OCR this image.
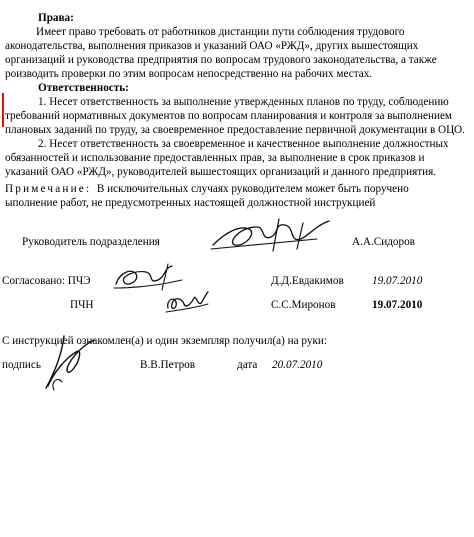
Права:
Имеет право требовать от работников дистанции пути соблюдения трудового
аконодательства, выполнения приказов и указаний ОАО «РЖД», других вышестоящих
организаций и руководства предприятия по вопросам трудового законодательства, а также
роизводить проверки по этим вопросам непосредственно на рабочих местах.
Ответственность:
1. Несет ответственность за выполнение утвержденных планов по труду, соблюдению
требований нормативных документов по вопросам планирования и контроля за выполнением
плановых заданий по труду, за своевременное предоставление первичной документации в ОЦО.
2. Несет ответственность за своевременное и качественное выполнение должностных
обязанностей и использование предоставленных прав, за выполнение в срок приказов и
указаний ОАО «РЖД», руководителей вышестоящих организаций и данного предприятия.
Примечание: В исключительных случаях руководителем может быть поручено
ыполнение работ, не предусмотренных настоящей должностной инструкцией
Руководитель подразделения	А.А.Сидоров
Согласовано: ПЧЭ	Д.Д.Евдакимов	19.07.2010
ПЧН	С.С.Миронов	19.07.2010
С инструкцией ознакомлен(а) и один экземпляр получил(а) на руки:
подпись	В.В.Петров	дата 20.07.2010
